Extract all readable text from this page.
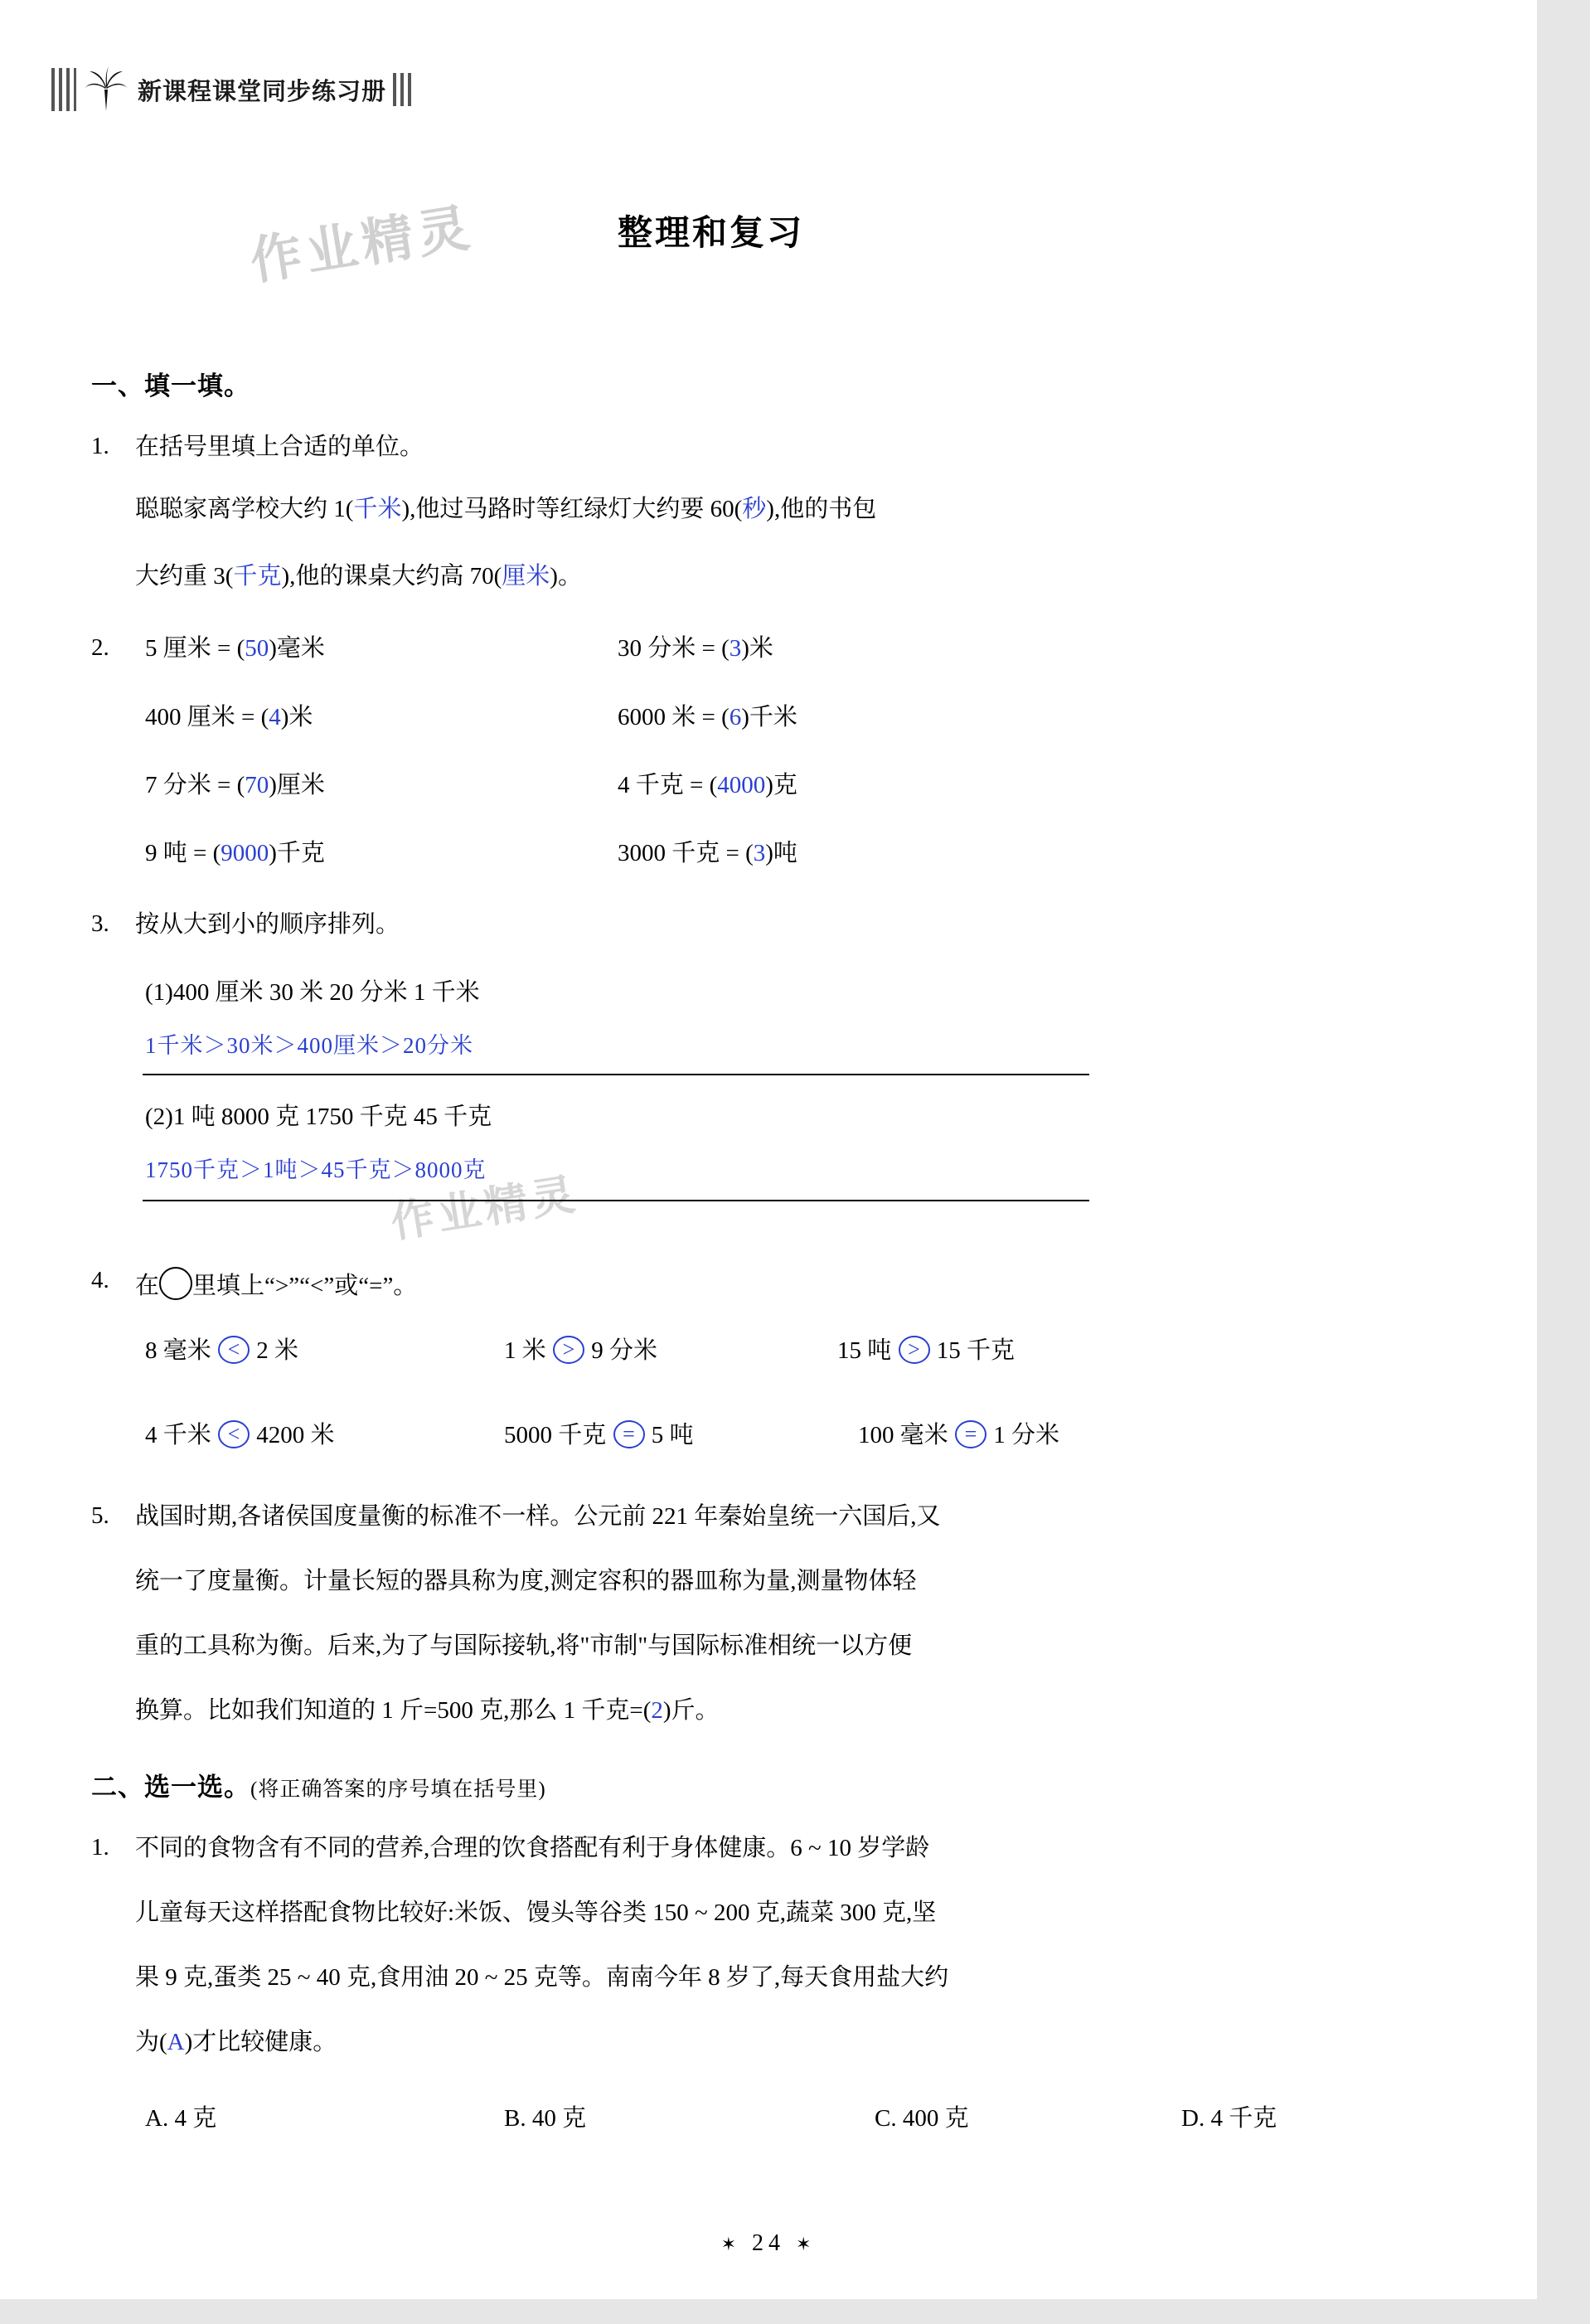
新课程课堂同步练习册
作业精灵
作业精灵
整理和复习
一、填一填。
1. 在括号里填上合适的单位。
聪聪家离学校大约 1(千米),他过马路时等红绿灯大约要 60(秒),他的书包
大约重 3(千克),他的课桌大约高 70(厘米)。
2. 5 厘米 = (50)毫米	30 分米 = (3)米
400 厘米 = (4)米	6000 米 = (6)千米
7 分米 = (70)厘米	4 千克 = (4000)克
9 吨 = (9000)千克	3000 千克 = (3)吨
3. 按从大到小的顺序排列。
(1)400 厘米 30 米 20 分米 1 千米
1千米＞30米＞400厘米＞20分米
(2)1 吨 8000 克 1750 千克 45 千克
1750千克＞1吨＞45千克＞8000克
4. 在 里填上“>”“<”或“=”。
8 毫米 < 2 米	1 米 > 9 分米	15 吨 > 15 千克
4 千米 < 4200 米	5000 千克 = 5 吨	100 毫米 = 1 分米
5. 战国时期,各诸侯国度量衡的标准不一样。公元前 221 年秦始皇统一六国后,又
统一了度量衡。计量长短的器具称为度,测定容积的器皿称为量,测量物体轻
重的工具称为衡。后来,为了与国际接轨,将"市制"与国际标准相统一以方便
换算。比如我们知道的 1 斤=500 克,那么 1 千克=(2)斤。
二、选一选。(将正确答案的序号填在括号里)
1. 不同的食物含有不同的营养,合理的饮食搭配有利于身体健康。6 ~ 10 岁学龄
儿童每天这样搭配食物比较好:米饭、馒头等谷类 150 ~ 200 克,蔬菜 300 克,坚
果 9 克,蛋类 25 ~ 40 克,食用油 20 ~ 25 克等。南南今年 8 岁了,每天食用盐大约
为(A)才比较健康。
A. 4 克	B. 40 克	C. 400 克	D. 4 千克
✶ 24 ✶
